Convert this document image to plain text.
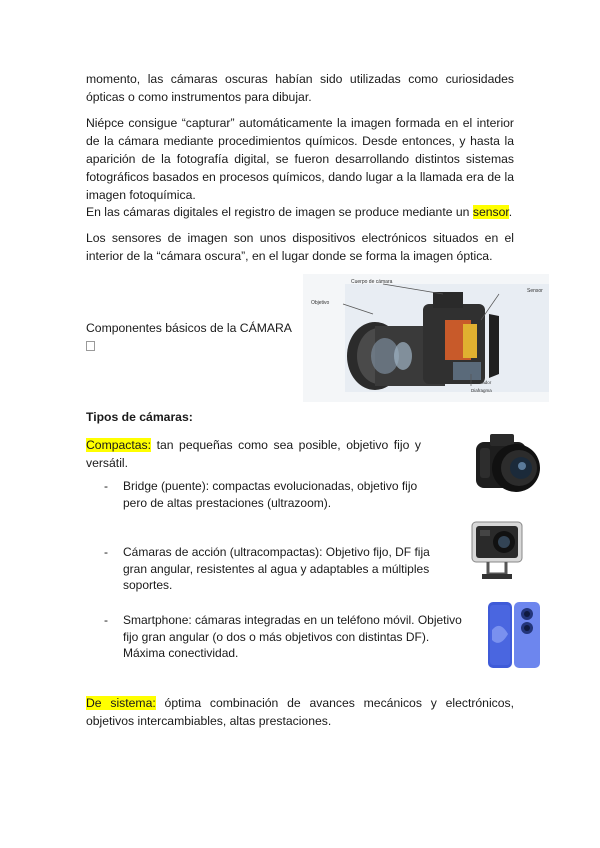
momento, las cámaras oscuras habían sido utilizadas como curiosidades ópticas o como instrumentos para dibujar.

Niépce consigue “capturar” automáticamente la imagen formada en el interior de la cámara mediante procedimientos químicos. Desde entonces, y hasta la aparición de la fotografía digital, se fueron desarrollando distintos sistemas fotográficos basados en procesos químicos, dando lugar a la llamada era de la imagen fotoquímica.

En las cámaras digitales el registro de imagen se produce mediante un sensor.

Los sensores de imagen son unos dispositivos electrónicos situados en el interior de la “cámara oscura”, en el lugar donde se forma la imagen óptica.

Componentes básicos de la CÁMARA
Objetivo
Cuerpo de cámara
Sensor
Obturador
Diafragma
Tipos de cámaras:

Compactas: tan pequeñas como sea posible, objetivo fijo y versátil.

- Bridge (puente): compactas evolucionadas, objetivo fijo pero de altas prestaciones (ultrazoom).
- Cámaras de acción (ultracompactas): Objetivo fijo, DF fija gran angular, resistentes al agua y adaptables a múltiples soportes.
- Smartphone: cámaras integradas en un teléfono móvil. Objetivo fijo gran angular (o dos o más objetivos con distintas DF). Máxima conectividad.

De sistema: óptima combinación de avances mecánicos y electrónicos, objetivos intercambiables, altas prestaciones.
